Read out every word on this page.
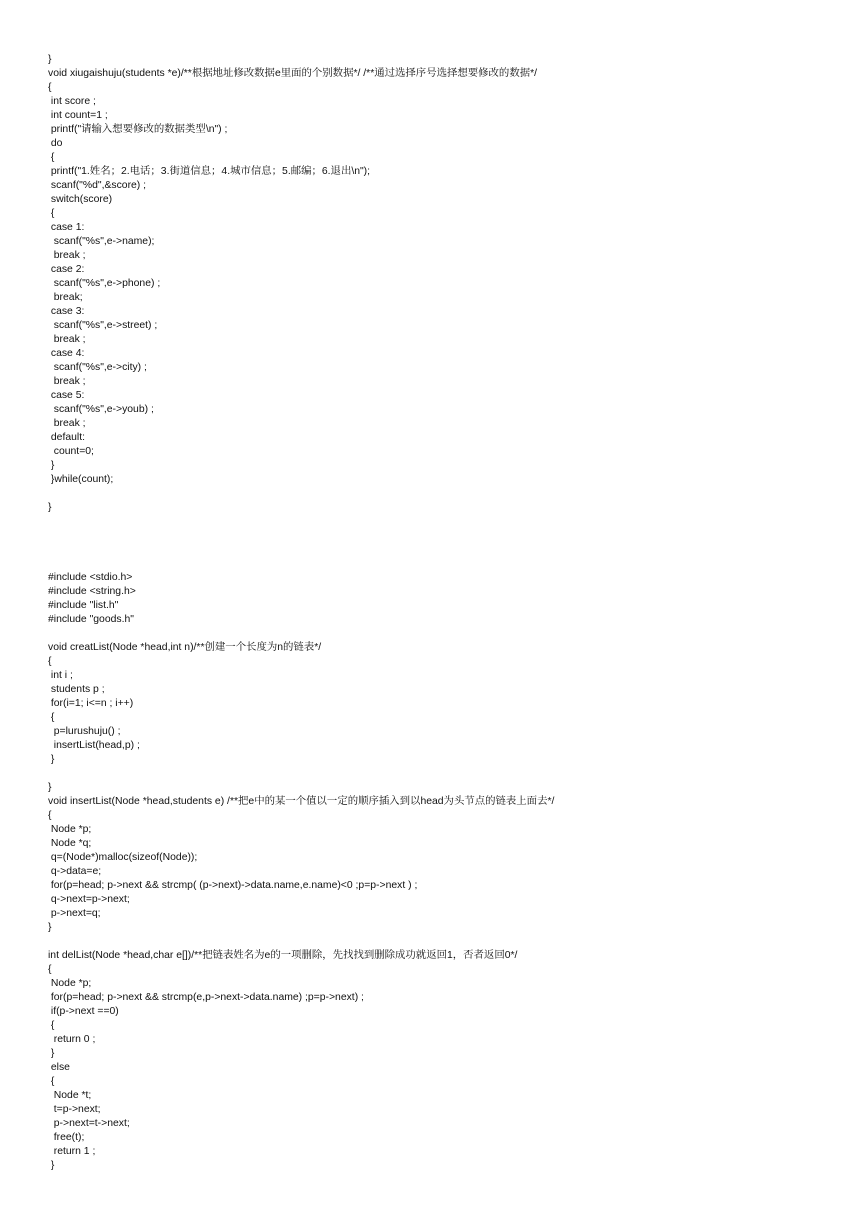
}
void xiugaishuju(students *e)/**根据地址修改数据e里面的个别数据*/ /**通过选择序号选择想要修改的数据*/
{
int score ;
int count=1 ;
printf("请输入想要修改的数据类型\n") ;
do
{
printf("1.姓名；2.电话；3.街道信息；4.城市信息；5.邮编；6.退出\n");
scanf("%d",&score) ;
switch(score)
{
case 1:
scanf("%s",e->name);
break ;
case 2:
scanf("%s",e->phone) ;
break;
case 3:
scanf("%s",e->street) ;
break ;
case 4:
scanf("%s",e->city) ;
break ;
case 5:
scanf("%s",e->youb) ;
break ;
default:
count=0;
}
}while(count);
}
#include <stdio.h>
#include <string.h>
#include "list.h"
#include "goods.h"
void creatList(Node *head,int n)/**创建一个长度为n的链表*/
{
int i ;
students p ;
for(i=1; i<=n ; i++)
{
p=lurushuju() ;
insertList(head,p) ;
}
}
void insertList(Node *head,students e) /**把e中的某一个值以一定的顺序插入到以head为头节点的链表上面去*/
{
Node *p;
Node *q;
q=(Node*)malloc(sizeof(Node));
q->data=e;
for(p=head; p->next && strcmp( (p->next)->data.name,e.name)<0 ;p=p->next ) ;
q->next=p->next;
p->next=q;
}
int delList(Node *head,char e[])/**把链表姓名为e的一项删除，先找找到删除成功就返回1，否者返回0*/
{
Node *p;
for(p=head; p->next && strcmp(e,p->next->data.name) ;p=p->next) ;
if(p->next ==0)
{
return 0 ;
}
else
{
Node *t;
t=p->next;
p->next=t->next;
free(t);
return 1 ;
}
